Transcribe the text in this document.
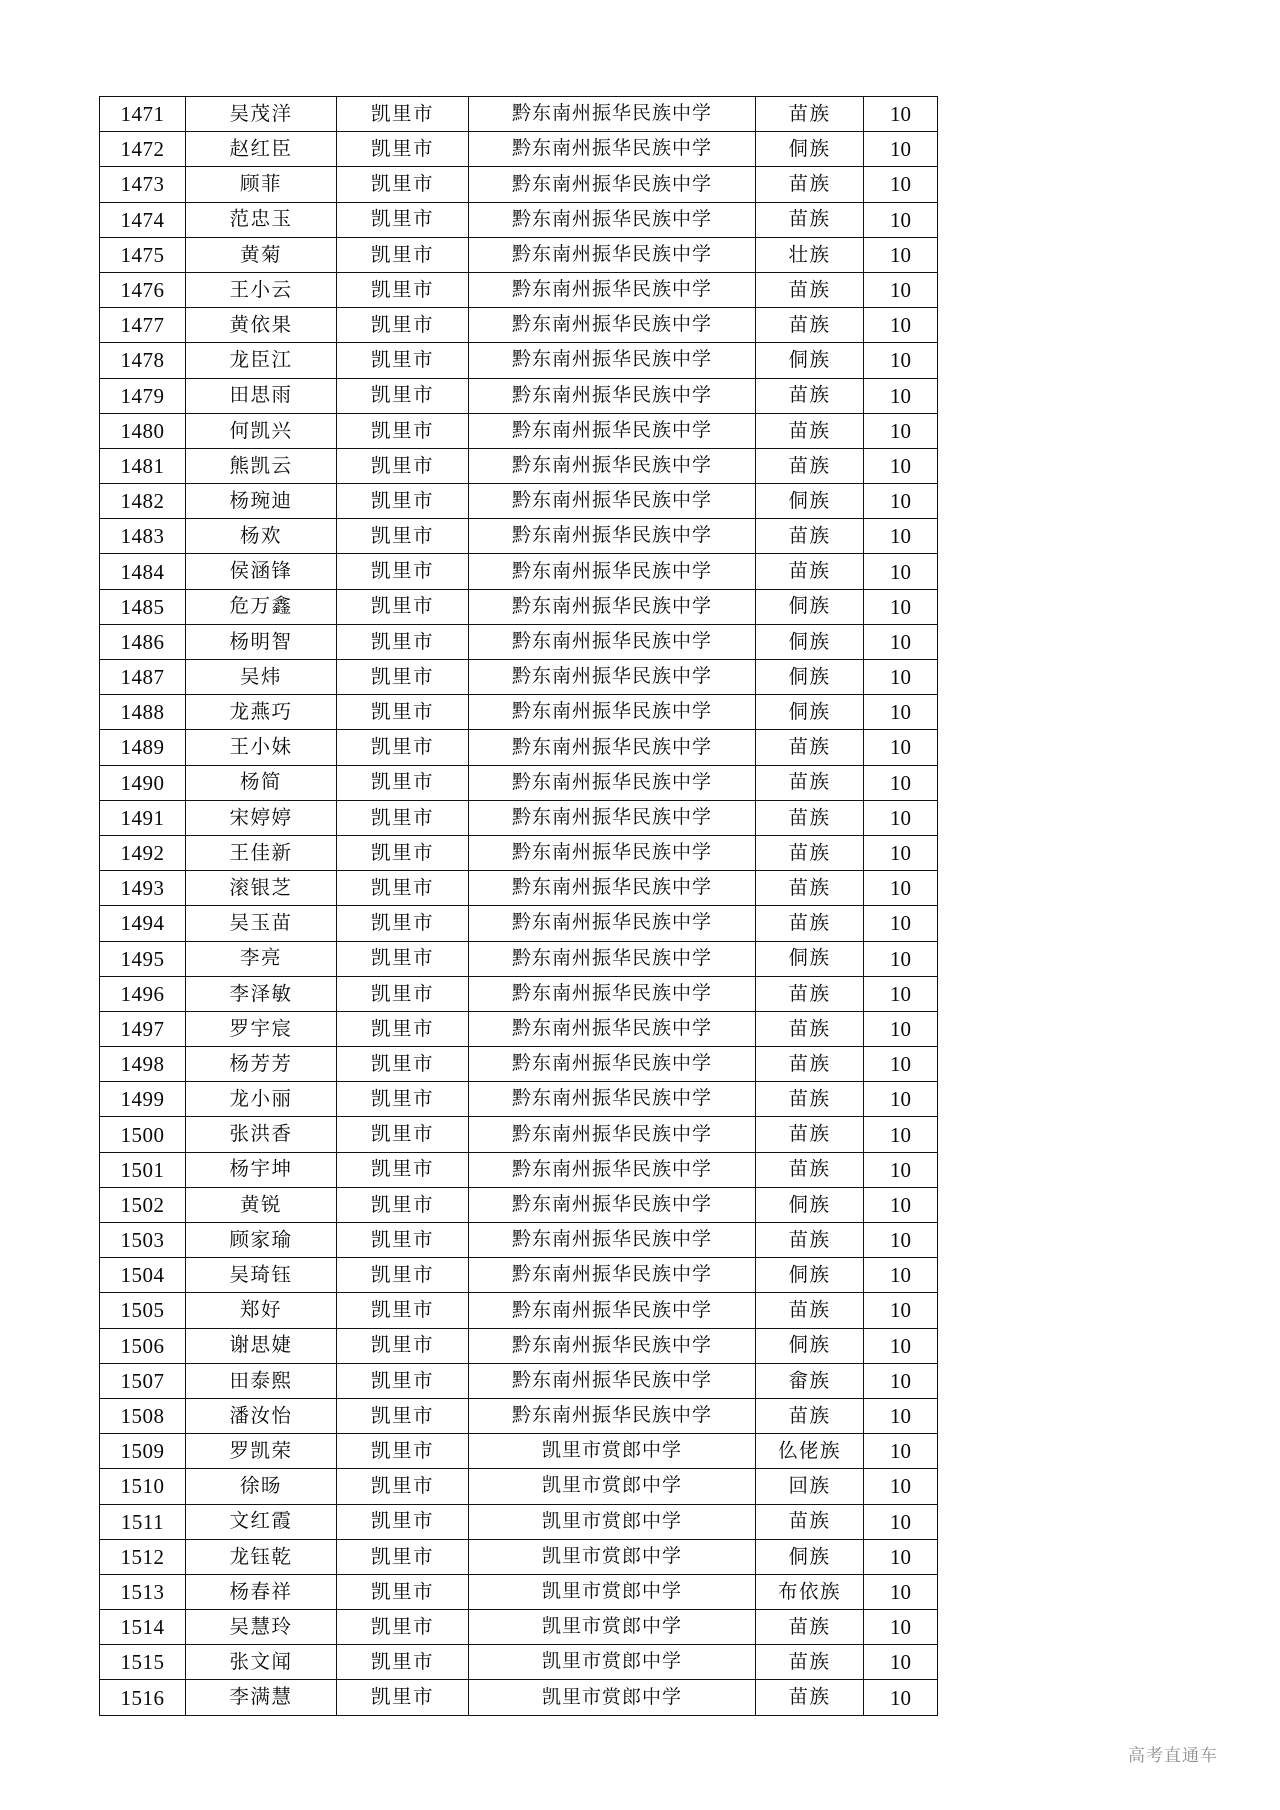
1471	吴茂洋	凯里市	黔东南州振华民族中学	苗族	10
1472	赵红臣	凯里市	黔东南州振华民族中学	侗族	10
1473	顾菲	凯里市	黔东南州振华民族中学	苗族	10
1474	范忠玉	凯里市	黔东南州振华民族中学	苗族	10
1475	黄菊	凯里市	黔东南州振华民族中学	壮族	10
1476	王小云	凯里市	黔东南州振华民族中学	苗族	10
1477	黄依果	凯里市	黔东南州振华民族中学	苗族	10
1478	龙臣江	凯里市	黔东南州振华民族中学	侗族	10
1479	田思雨	凯里市	黔东南州振华民族中学	苗族	10
1480	何凯兴	凯里市	黔东南州振华民族中学	苗族	10
1481	熊凯云	凯里市	黔东南州振华民族中学	苗族	10
1482	杨琬迪	凯里市	黔东南州振华民族中学	侗族	10
1483	杨欢	凯里市	黔东南州振华民族中学	苗族	10
1484	侯涵锋	凯里市	黔东南州振华民族中学	苗族	10
1485	危万鑫	凯里市	黔东南州振华民族中学	侗族	10
1486	杨明智	凯里市	黔东南州振华民族中学	侗族	10
1487	吴炜	凯里市	黔东南州振华民族中学	侗族	10
1488	龙燕巧	凯里市	黔东南州振华民族中学	侗族	10
1489	王小妹	凯里市	黔东南州振华民族中学	苗族	10
1490	杨简	凯里市	黔东南州振华民族中学	苗族	10
1491	宋婷婷	凯里市	黔东南州振华民族中学	苗族	10
1492	王佳新	凯里市	黔东南州振华民族中学	苗族	10
1493	滚银芝	凯里市	黔东南州振华民族中学	苗族	10
1494	吴玉苗	凯里市	黔东南州振华民族中学	苗族	10
1495	李亮	凯里市	黔东南州振华民族中学	侗族	10
1496	李泽敏	凯里市	黔东南州振华民族中学	苗族	10
1497	罗宇宸	凯里市	黔东南州振华民族中学	苗族	10
1498	杨芳芳	凯里市	黔东南州振华民族中学	苗族	10
1499	龙小丽	凯里市	黔东南州振华民族中学	苗族	10
1500	张洪香	凯里市	黔东南州振华民族中学	苗族	10
1501	杨宇坤	凯里市	黔东南州振华民族中学	苗族	10
1502	黄锐	凯里市	黔东南州振华民族中学	侗族	10
1503	顾家瑜	凯里市	黔东南州振华民族中学	苗族	10
1504	吴琦钰	凯里市	黔东南州振华民族中学	侗族	10
1505	郑好	凯里市	黔东南州振华民族中学	苗族	10
1506	谢思婕	凯里市	黔东南州振华民族中学	侗族	10
1507	田泰熙	凯里市	黔东南州振华民族中学	畲族	10
1508	潘汝怡	凯里市	黔东南州振华民族中学	苗族	10
1509	罗凯荣	凯里市	凯里市赏郎中学	仫佬族	10
1510	徐旸	凯里市	凯里市赏郎中学	回族	10
1511	文红霞	凯里市	凯里市赏郎中学	苗族	10
1512	龙钰乾	凯里市	凯里市赏郎中学	侗族	10
1513	杨春祥	凯里市	凯里市赏郎中学	布依族	10
1514	吴慧玲	凯里市	凯里市赏郎中学	苗族	10
1515	张文闻	凯里市	凯里市赏郎中学	苗族	10
1516	李满慧	凯里市	凯里市赏郎中学	苗族	10
高考直通车
